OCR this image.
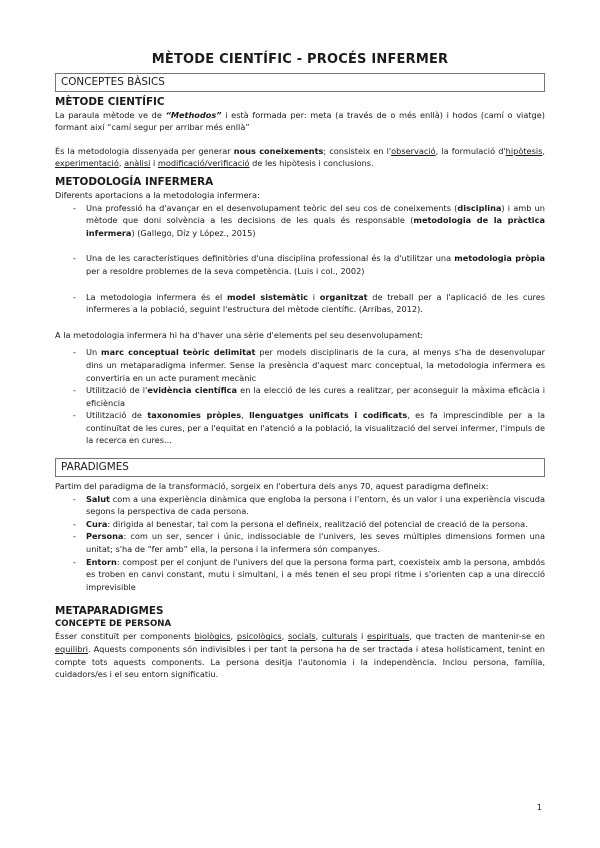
MÈTODE CIENTÍFIC - PROCÉS INFERMER
CONCEPTES BÀSICS
MÈTODE CIENTÍFIC

La paraula mètode ve de “Methodos” i està formada per: meta (a través de o més enllà) i hodos (camí o viatge) formant així “camí segur per arribar més enllà”

És la metodologia dissenyada per generar nous coneixements; consisteix en l'observació, la formulació d'hipòtesis, experimentació, anàlisi i modificació/verificació de les hipòtesis i conclusions.

METODOLOGÍA INFERMERA

Diferents aportacions a la metodologia infermera:

- Una professió ha d'avançar en el desenvolupament teòric del seu cos de coneixements (disciplina) i amb un mètode que doni solvència a les decisions de les quals és responsable (metodologia de la pràctica infermera) (Gallego, Díz y López., 2015)
- Una de les característiques definitòries d'una disciplina professional és la d'utilitzar una metodologia pròpia per a resoldre problemes de la seva competència. (Luis i col., 2002)
- La metodologia infermera és el model sistemàtic i organitzat de treball per a l'aplicació de les cures infermeres a la població, seguint l'estructura del mètode científic. (Arribas, 2012).

A la metodologia infermera hi ha d'haver una sèrie d'elements pel seu desenvolupament:

- Un marc conceptual teòric delimitat per models disciplinaris de la cura, al menys s'ha de desenvolupar dins un metaparadigma infermer. Sense la presència d'aquest marc conceptual, la metodologia infermera es convertiria en un acte purament mecànic
- Utilització de l'evidència científica en la elecció de les cures a realitzar, per aconseguir la màxima eficàcia i eficiència
- Utilització de taxonomies pròpies, llenguatges unificats i codificats, es fa imprescindible per a la continuïtat de les cures, per a l'equitat en l'atenció a la població, la visualització del servei infermer, l'impuls de la recerca en cures...
PARADIGMES

Partim del paradigma de la transformació, sorgeix en l'obertura dels anys 70, aquest paradigma defineix:

- Salut com a una experiència dinàmica que engloba la persona i l'entorn, és un valor i una experiència viscuda segons la perspectiva de cada persona.
- Cura: dirigida al benestar, tal com la persona el defineix, realització del potencial de creació de la persona.
- Persona: com un ser, sencer i únic, indissociable de l'univers, les seves múltiples dimensions formen una unitat; s'ha de “fer amb” ella, la persona i la infermera són companyes.
- Entorn: compost per el conjunt de l'univers del que la persona forma part, coexisteix amb la persona, ambdós es troben en canvi constant, mutu i simultani, i a més tenen el seu propi ritme i s'orienten cap a una direcció imprevisible
METAPARADIGMES
CONCEPTE DE PERSONA

Ésser constituït per components biològics, psicològics, socials, culturals i espirituals, que tracten de mantenir-se en equilibri. Aquests components són indivisibles i per tant la persona ha de ser tractada i atesa holísticament, tenint en compte tots aquests components. La persona desitja l'autonomia i la independència. Inclou persona, família, cuidadors/es i el seu entorn significatiu.

1
